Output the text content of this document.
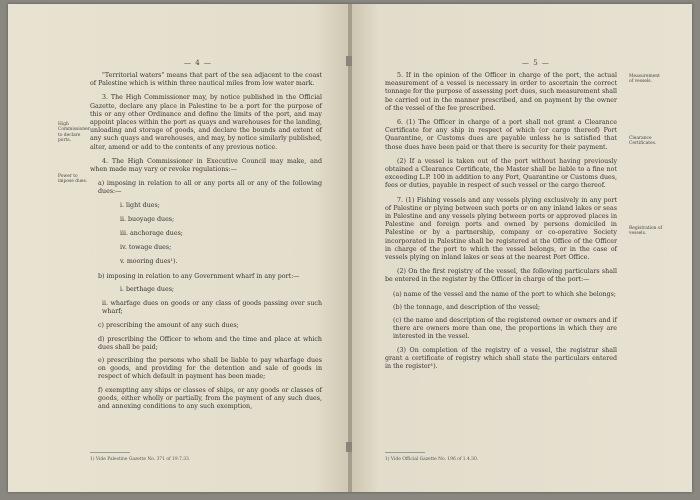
— 4 —
High Commissioner to declare ports.
Power to impose dues.

"Territorial waters" means that part of the sea adjacent to the coast of Palestine which is within three nautical miles from low water mark.

3. The High Commissioner may, by notice published in the Official Gazette, declare any place in Palestine to be a port for the purpose of this or any other Ordinance and define the limits of the port, and may appoint places within the port as quays and warehouses for the landing, unloading and storage of goods, and declare the bounds and extent of any such quays and warehouses, and may, by notice similarly published, alter, amend or add to the contents of any previous notice.

4. The High Commissioner in Executive Council may make, and when made may vary or revoke regulations:—

a) imposing in relation to all or any ports all or any of the following dues:—

i. light dues;

ii. buoyage dues;

iii. anchorage dues;

iv. towage dues;

v. mooring dues¹).

b) imposing in relation to any Government wharf in any port:—

i. berthage dues;

ii. wharfage dues on goods or any class of goods passing over such wharf;

c) prescribing the amount of any such dues;

d) prescribing the Officer to whom and the time and place at which dues shall be paid;

e) prescribing the persons who shall be liable to pay wharfage dues on goods, and providing for the detention and sale of goods in respect of which default in payment has been made;

f) exempting any ships or classes of ships, or any goods or classes of goods, either wholly or partially, from the payment of any such dues, and annexing conditions to any such exemption,

1) Vide Palestine Gazette No. 371 of 19.7.33.
— 5 —
Measurement of vessels.
Clearance Certificates.
Registration of vessels.

5. If in the opinion of the Officer in charge of the port, the actual measurement of a vessel is necessary in order to ascertain the correct tonnage for the purpose of assessing port dues, such measurement shall be carried out in the manner prescribed, and on payment by the owner of the vessel of the fee prescribed.

6. (1) The Officer in charge of a port shall not grant a Clearance Certificate for any ship in respect of which (or cargo thereof) Port Quarantine, or Customs dues are payable unless he is satisfied that those dues have been paid or that there is security for their payment.

(2) If a vessel is taken out of the port without having previously obtained a Clearance Certificate, the Master shall be liable to a fine not exceeding L.P. 100 in addition to any Port, Quarantine or Customs dues, fees or duties, payable in respect of such vessel or the cargo thereof.

7. (1) Fishing vessels and any vessels plying exclusively in any port of Palestine or plying between such ports or on any inland lakes or seas in Palestine and any vessels plying between ports or approved places in Palestine and foreign ports and owned by persons domiciled in Palestine or by a partnership, company or co-operative Society incorporated in Palestine shall be registered at the Office of the Officer in charge of the port to which the vessel belongs, or in the case of vessels plying on inland lakes or seas at the nearest Port Office.

(2) On the first registry of the vessel, the following particulars shall be entered in the register by the Officer in charge of the port:—

(a) name of the vessel and the name of the port to which she belongs;

(b) the tonnage, and description of the vessel;

(c) the name and description of the registered owner or owners and if there are owners more than one, the proportions in which they are interested in the vessel.

(3) On completion of the registry of a vessel, the registrar shall grant a certificate of registry which shall state the particulars entered in the register¹).

1) Vide Official Gazette No. 196 of 1.4.30.
